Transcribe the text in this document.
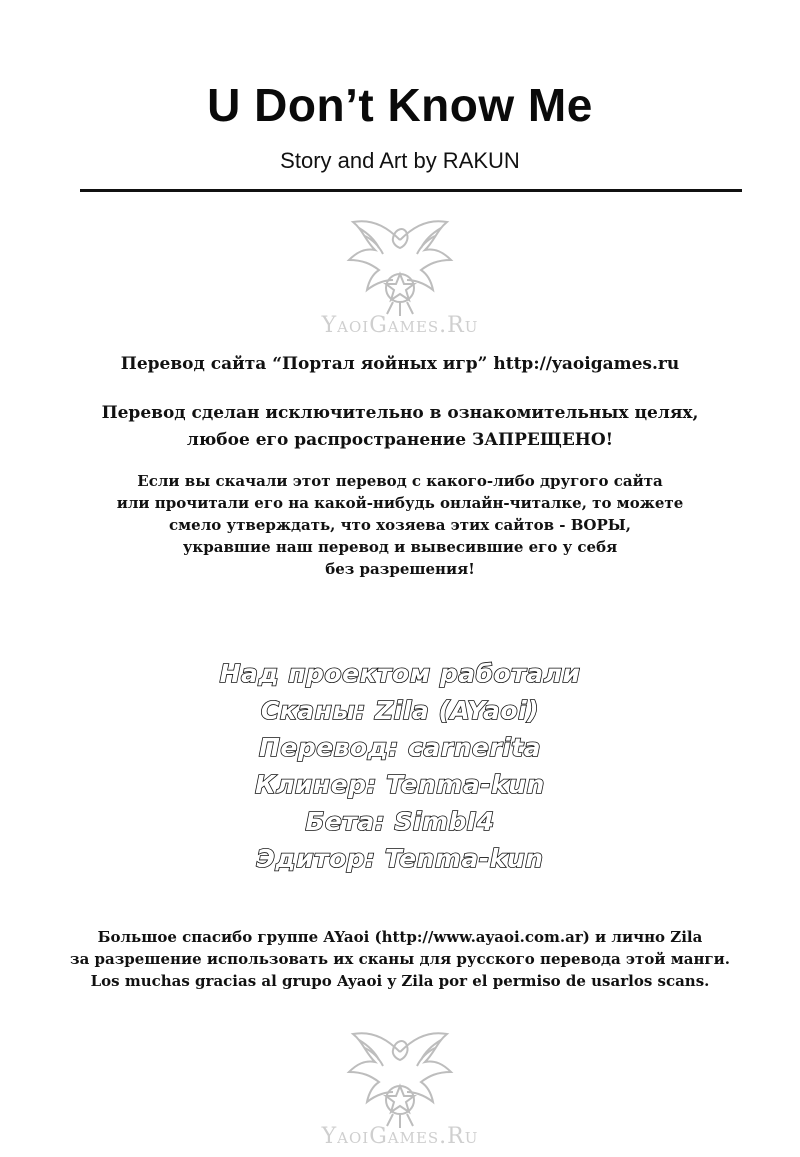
U Don’t Know Me
Story and Art by RAKUN
YaoiGames.Ru
Перевод сайта “Портал яойных игр” http://yaoigames.ru
Перевод сделан исключительно в ознакомительных целях,
любое его распространение ЗАПРЕЩЕНО!
Если вы скачали этот перевод с какого-либо другого сайта
или прочитали его на какой-нибудь онлайн-читалке, то можете
смело утверждать, что хозяева этих сайтов - ВОРЫ,
укравшие наш перевод и вывесившие его у себя
без разрешения!
Над проектом работали
Сканы: Zila (AYaoi)
Перевод: carnerita
Клинер: Tenma-kun
Бета: SimbI4
Эдитор: Tenma-kun
Большое спасибо группе AYaoi (http://www.ayaoi.com.ar) и лично Zila
за разрешение использовать их сканы для русского перевода этой манги.
Los muchas gracias al grupo Ayaoi y Zila por el permiso de usarlos scans.
YaoiGames.Ru
